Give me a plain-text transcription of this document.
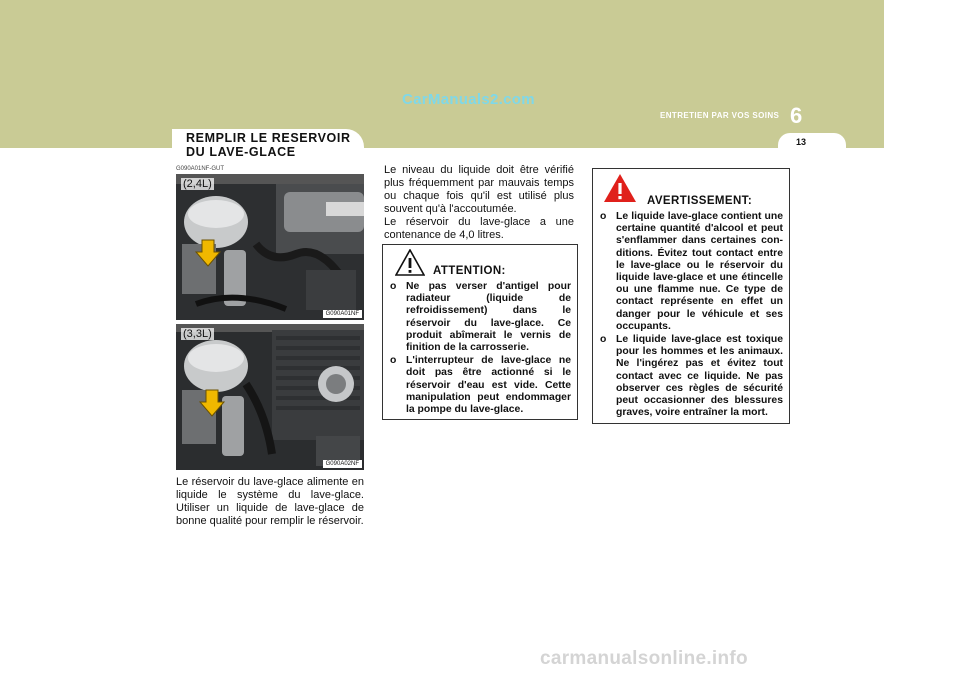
CarManuals2.com
ENTRETIEN PAR VOS SOINS 6
13
REMPLIR LE RESERVOIR
DU LAVE-GLACE
G090A01NF-GUT
(2,4L)
G090A01NF
(3,3L)
G090A02NF

Le réservoir du lave-glace alimente en liquide le système du lave-glace. Utiliser un liquide de lave-glace de bonne qualité pour remplir le réservoir.

Le niveau du liquide doit être vérifié plus fréquemment par mauvais temps ou chaque fois qu'il est utilisé plus souvent qu'à l'accoutumée.

Le réservoir du lave-glace a une contenance de 4,0 litres.

ATTENTION:
o Ne pas verser d'antigel pour radiateur (liquide de refroidissement) dans le réservoir du lave-glace. Ce produit abîmerait le vernis de finition de la carrosserie.
o L'interrupteur de lave-glace ne doit pas être actionné si le réservoir d'eau est vide. Cette manipulation peut endommager la pompe du lave-glace.
AVERTISSEMENT:
o Le liquide lave-glace contient une certaine quantité d'alcool et peut s'enflammer dans certaines con-ditions. Évitez tout contact entre le lave-glace ou le réservoir du liquide lave-glace et une étincelle ou une flamme nue. Ce type de contact représente en effet un danger pour le véhicule et ses occupants.
o Le liquide lave-glace est toxique pour les hommes et les animaux. Ne l'ingérez pas et évitez tout contact avec ce liquide. Ne pas observer ces règles de sécurité peut occasionner des blessures graves, voire entraîner la mort.
carmanualsonline.info
